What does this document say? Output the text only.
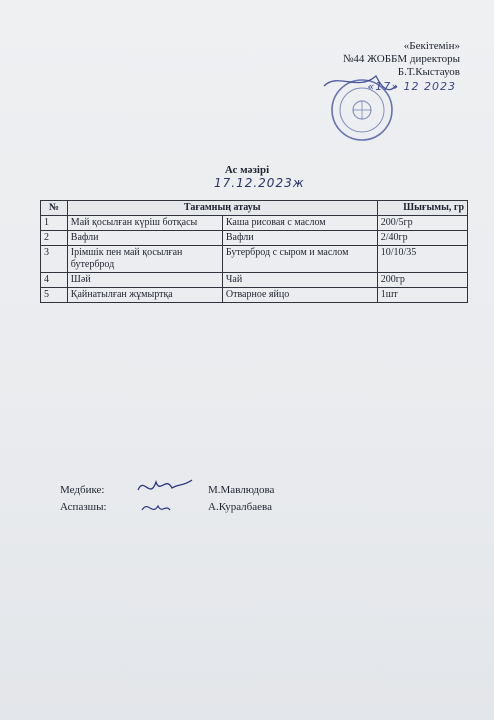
«Бекітемін»
№44 ЖОББМ директоры
Б.Т.Кыстауов
«17» 12 2023
Ас мәзірі
17.12.2023ж
№	Тағамның атауы		Шығымы, гр
1	Май қосылған күріш ботқасы	Каша рисовая с маслом	200/5гр
2	Вафли	Вафли	2/40гр
3	Ірімшік пен май қосылған бутерброд	Бутерброд с сыром и маслом	10/10/35
4	Шәй	Чай	200гр
5	Қайнатылған жұмыртқа	Отварное яйцо	1шт
Медбике:	М.Мавлюдова
Аспазшы:	А.Куралбаева
